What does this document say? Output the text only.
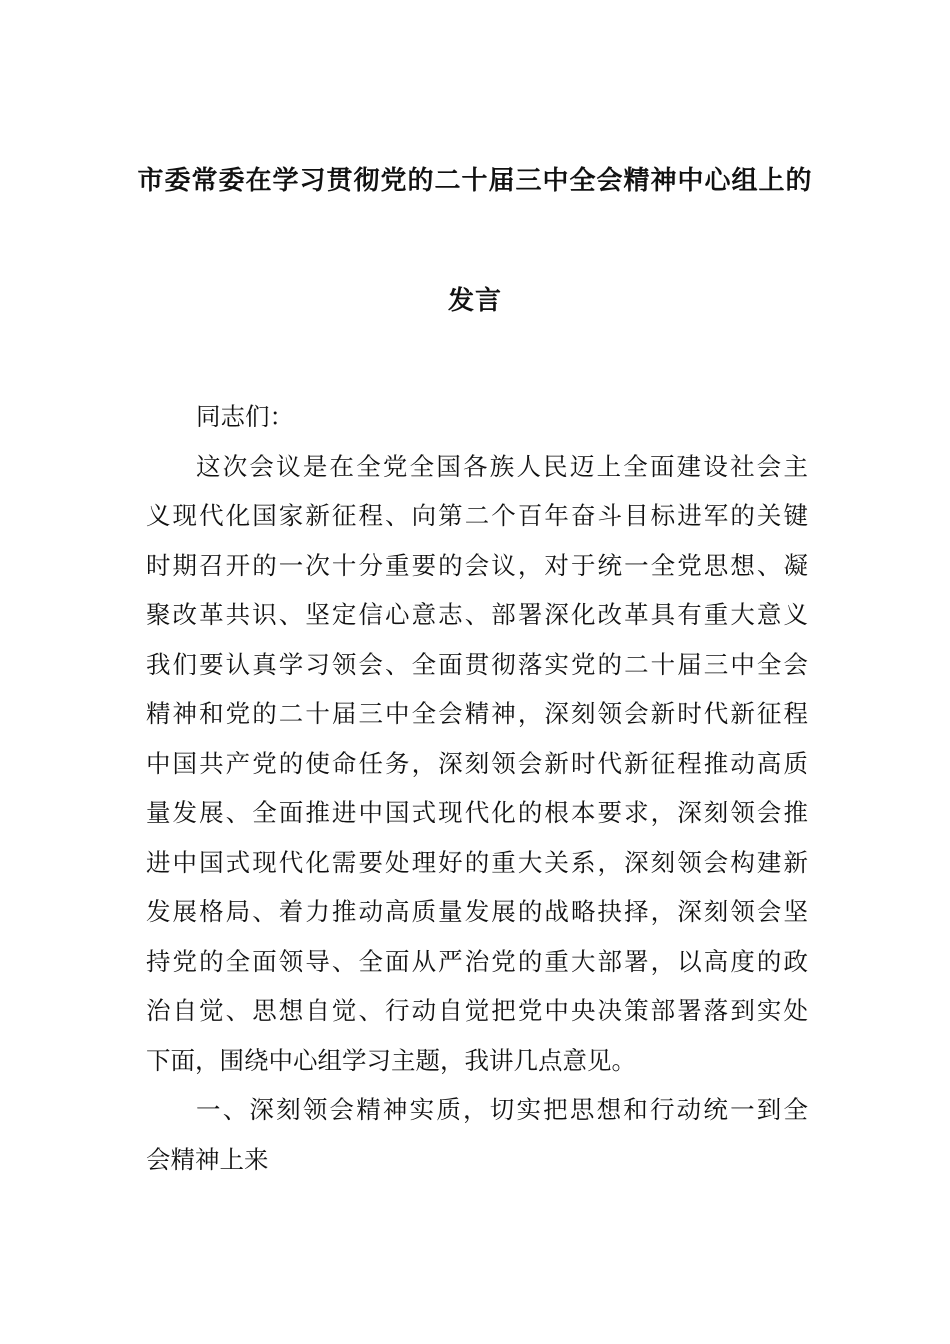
市委常委在学习贯彻党的二十届三中全会精神中心组上的
发言
同志们：
这次会议是在全党全国各族人民迈上全面建设社会主
义现代化国家新征程、向第二个百年奋斗目标进军的关键
时期召开的一次十分重要的会议，对于统一全党思想、凝
聚改革共识、坚定信心意志、部署深化改革具有重大意义
我们要认真学习领会、全面贯彻落实党的二十届三中全会
精神和党的二十届三中全会精神，深刻领会新时代新征程
中国共产党的使命任务，深刻领会新时代新征程推动高质
量发展、全面推进中国式现代化的根本要求，深刻领会推
进中国式现代化需要处理好的重大关系，深刻领会构建新
发展格局、着力推动高质量发展的战略抉择，深刻领会坚
持党的全面领导、全面从严治党的重大部署，以高度的政
治自觉、思想自觉、行动自觉把党中央决策部署落到实处
下面，围绕中心组学习主题，我讲几点意见。
一、深刻领会精神实质，切实把思想和行动统一到全
会精神上来
